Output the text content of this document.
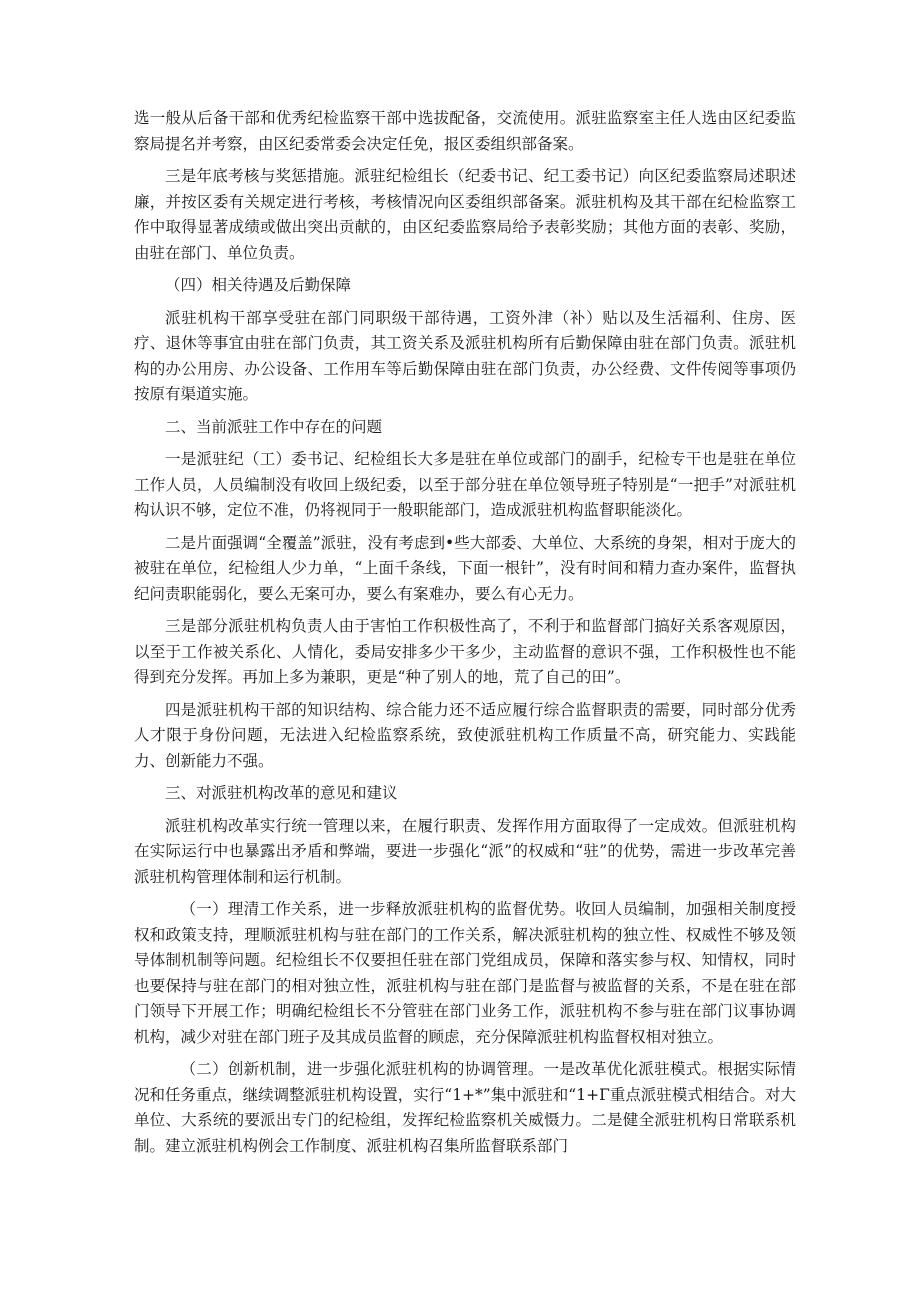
选一般从后备干部和优秀纪检监察干部中选拔配备，交流使用。派驻监察室主任人选由区纪委监察局提名并考察，由区纪委常委会决定任免，报区委组织部备案。

三是年底考核与奖惩措施。派驻纪检组长（纪委书记、纪工委书记）向区纪委监察局述职述廉，并按区委有关规定进行考核，考核情况向区委组织部备案。派驻机构及其干部在纪检监察工作中取得显著成绩或做出突出贡献的，由区纪委监察局给予表彰奖励；其他方面的表彰、奖励，由驻在部门、单位负责。

（四）相关待遇及后勤保障

派驻机构干部享受驻在部门同职级干部待遇，工资外津（补）贴以及生活福利、住房、医疗、退休等事宜由驻在部门负责，其工资关系及派驻机构所有后勤保障由驻在部门负责。派驻机构的办公用房、办公设备、工作用车等后勤保障由驻在部门负责，办公经费、文件传阅等事项仍按原有渠道实施。

二、当前派驻工作中存在的问题

一是派驻纪（工）委书记、纪检组长大多是驻在单位或部门的副手，纪检专干也是驻在单位工作人员，人员编制没有收回上级纪委，以至于部分驻在单位领导班子特别是“一把手”对派驻机构认识不够，定位不准，仍将视同于一般职能部门，造成派驻机构监督职能淡化。

二是片面强调“全覆盖”派驻，没有考虑到•些大部委、大单位、大系统的身架，相对于庞大的被驻在单位，纪检组人少力单，“上面千条线，下面一根针”，没有时间和精力查办案件，监督执纪问责职能弱化，要么无案可办，要么有案难办，要么有心无力。

三是部分派驻机构负责人由于害怕工作积极性高了，不利于和监督部门搞好关系客观原因，以至于工作被关系化、人情化，委局安排多少干多少，主动监督的意识不强，工作积极性也不能得到充分发挥。再加上多为兼职，更是“种了别人的地，荒了自己的田”。

四是派驻机构干部的知识结构、综合能力还不适应履行综合监督职责的需要，同时部分优秀人才限于身份问题，无法进入纪检监察系统，致使派驻机构工作质量不高，研究能力、实践能力、创新能力不强。

三、对派驻机构改革的意见和建议

派驻机构改革实行统一管理以来，在履行职责、发挥作用方面取得了一定成效。但派驻机构在实际运行中也暴露出矛盾和弊端，要进一步强化“派”的权威和“驻”的优势，需进一步改革完善派驻机构管理体制和运行机制。

（一）理清工作关系，进一步释放派驻机构的监督优势。收回人员编制，加强相关制度授权和政策支持，理顺派驻机构与驻在部门的工作关系，解决派驻机构的独立性、权威性不够及领导体制机制等问题。纪检组长不仅要担任驻在部门党组成员，保障和落实参与权、知情权，同时也要保持与驻在部门的相对独立性，派驻机构与驻在部门是监督与被监督的关系，不是在驻在部门领导下开展工作；明确纪检组长不分管驻在部门业务工作，派驻机构不参与驻在部门议事协调机构，减少对驻在部门班子及其成员监督的顾虑，充分保障派驻机构监督权相对独立。

（二）创新机制，进一步强化派驻机构的协调管理。一是改革优化派驻模式。根据实际情况和任务重点，继续调整派驻机构设置，实行“1+*”集中派驻和“1+Γ重点派驻模式相结合。对大单位、大系统的要派出专门的纪检组，发挥纪检监察机关威慑力。二是健全派驻机构日常联系机制。建立派驻机构例会工作制度、派驻机构召集所监督联系部门
